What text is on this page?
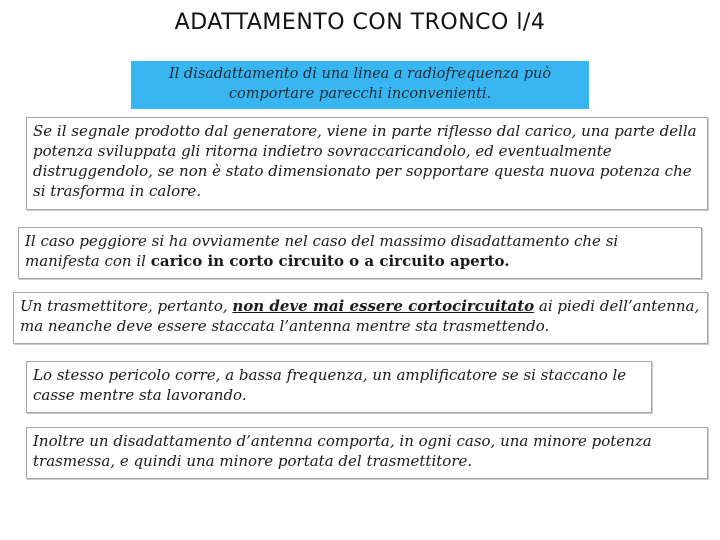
ADATTAMENTO CON TRONCO l/4
Il disadattamento di una linea a radiofrequenza può
comportare parecchi inconvenienti.
Se il segnale prodotto dal generatore, viene in parte riflesso dal carico, una parte della potenza sviluppata gli ritorna indietro sovraccaricandolo, ed eventualmente distruggendolo, se non è stato dimensionato per sopportare questa nuova potenza che si trasforma in calore.
Il caso peggiore si ha ovviamente nel caso del massimo disadattamento che si manifesta con il carico in corto circuito o a circuito aperto.
Un trasmettitore, pertanto, non deve mai essere cortocircuitato ai piedi dell’antenna, ma neanche deve essere staccata l’antenna mentre sta trasmettendo.
Lo stesso pericolo corre, a bassa frequenza, un amplificatore se si staccano le casse mentre sta lavorando.
Inoltre un disadattamento d’antenna comporta, in ogni caso, una minore potenza trasmessa, e quindi una minore portata del trasmettitore.
